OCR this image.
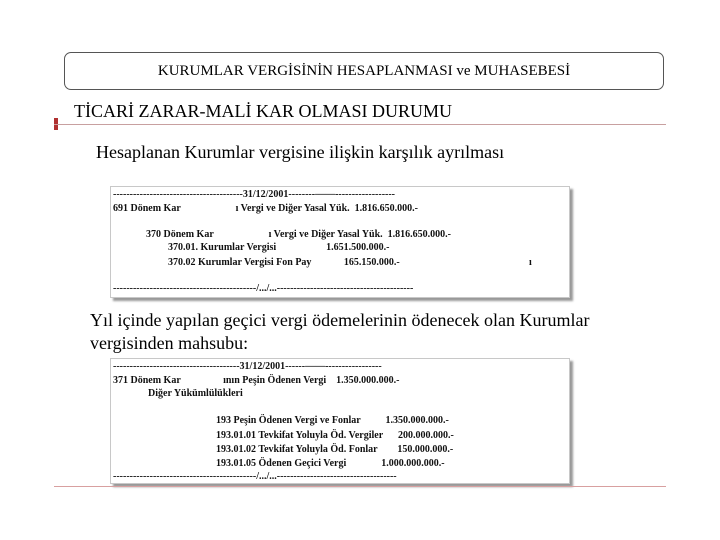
KURUMLAR VERGİSİNİN HESAPLANMASI ve MUHASEBESİ
TİCARİ ZARAR-MALİ KAR OLMASI DURUMU
Hesaplanan Kurumlar vergisine ilişkin karşılık ayrılması
---------------------------------------31/12/2001--------——------------------
691 Dönem Kar                      ı Vergi ve Diğer Yasal Yük.  1.816.650.000.-
370 Dönem Kar                      ı Vergi ve Diğer Yasal Yük.  1.816.650.000.-
370.01. Kurumlar Vergisi                    1.651.500.000.-
370.02 Kurumlar Vergisi Fon Pay             165.150.000.-	ı
-------------------------------------------/.../...-----------------------------------------
Yıl içinde yapılan geçici vergi ödemelerinin ödenecek olan Kurumlar vergisinden mahsubu:
--------------------------------------31/12/2001------——-----------------
371 Dönem Kar                 ının Peşin Ödenen Vergi    1.350.000.000.-
Diğer Yükümlülükleri
193 Peşin Ödenen Vergi ve Fonlar          1.350.000.000.-
193.01.01 Tevkifat Yoluyla Öd. Vergiler      200.000.000.-
193.01.02 Tevkifat Yoluyla Öd. Fonlar        150.000.000.-
193.01.05 Ödenen Geçici Vergi              1.000.000.000.-
-------------------------------------------/.../...------------------------------------
